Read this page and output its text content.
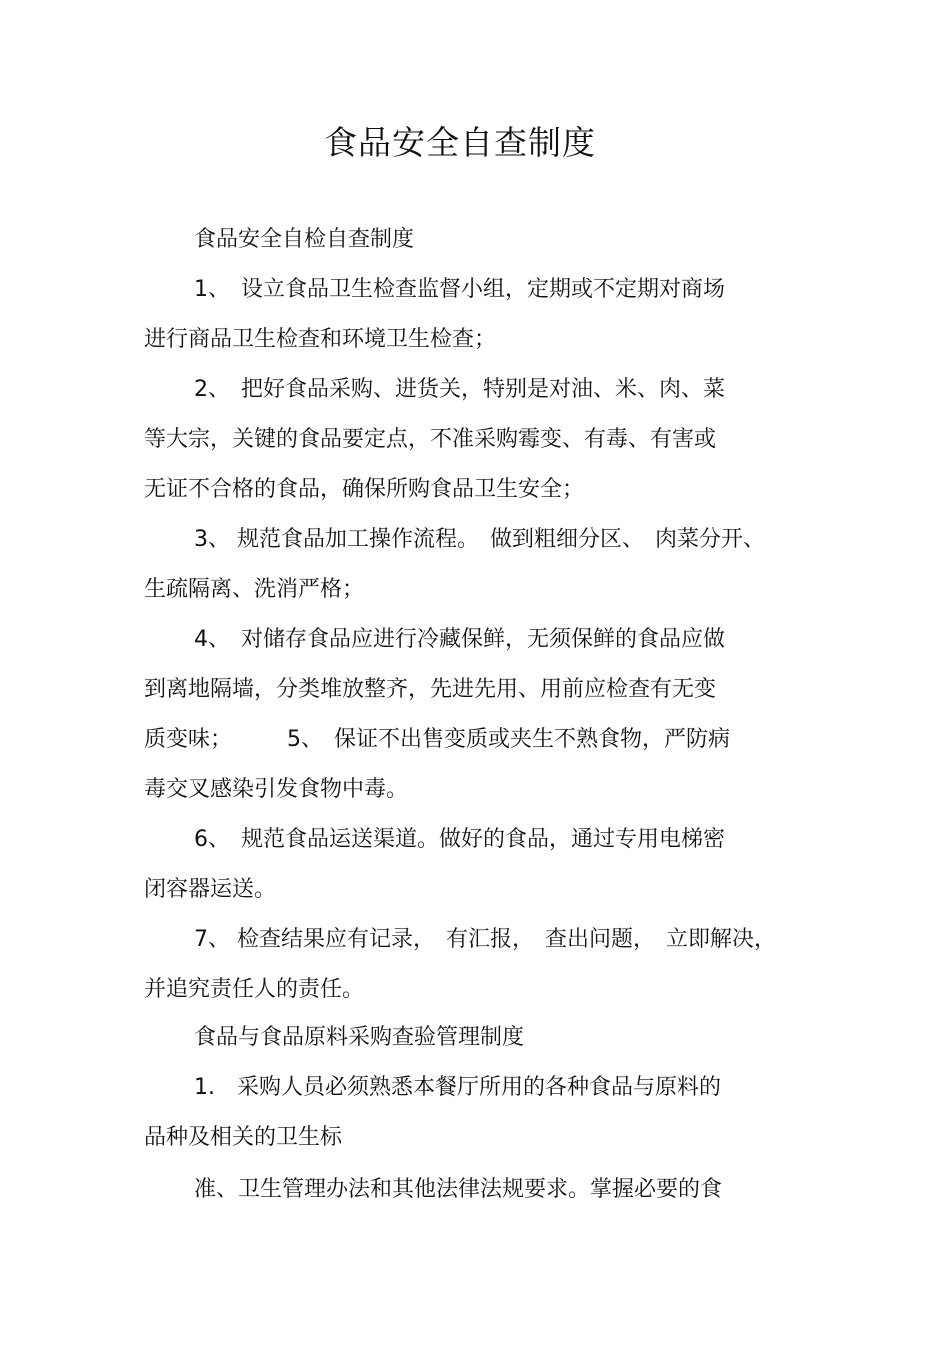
食品安全自查制度
食品安全自检自查制度
1、　设立食品卫生检查监督小组，定期或不定期对商场
进行商品卫生检查和环境卫生检查；
2、　把好食品采购、进货关，特别是对油、米、肉、菜
等大宗，关键的食品要定点，不准采购霉变、有毒、有害或
无证不合格的食品，确保所购食品卫生安全；
3、 规范食品加工操作流程。　做到粗细分区、　肉菜分开、
生疏隔离、洗消严格；
4、　对储存食品应进行冷藏保鲜，无须保鲜的食品应做
到离地隔墙，分类堆放整齐，先进先用、用前应检查有无变
质变味；　　　5、　保证不出售变质或夹生不熟食物，严防病
毒交叉感染引发食物中毒。
6、　规范食品运送渠道。做好的食品，通过专用电梯密
闭容器运送。
7、 检查结果应有记录，　有汇报，　查出问题，　立即解决，
并追究责任人的责任。
食品与食品原料采购查验管理制度
1.　采购人员必须熟悉本餐厅所用的各种食品与原料的
品种及相关的卫生标
准、卫生管理办法和其他法律法规要求。掌握必要的食
